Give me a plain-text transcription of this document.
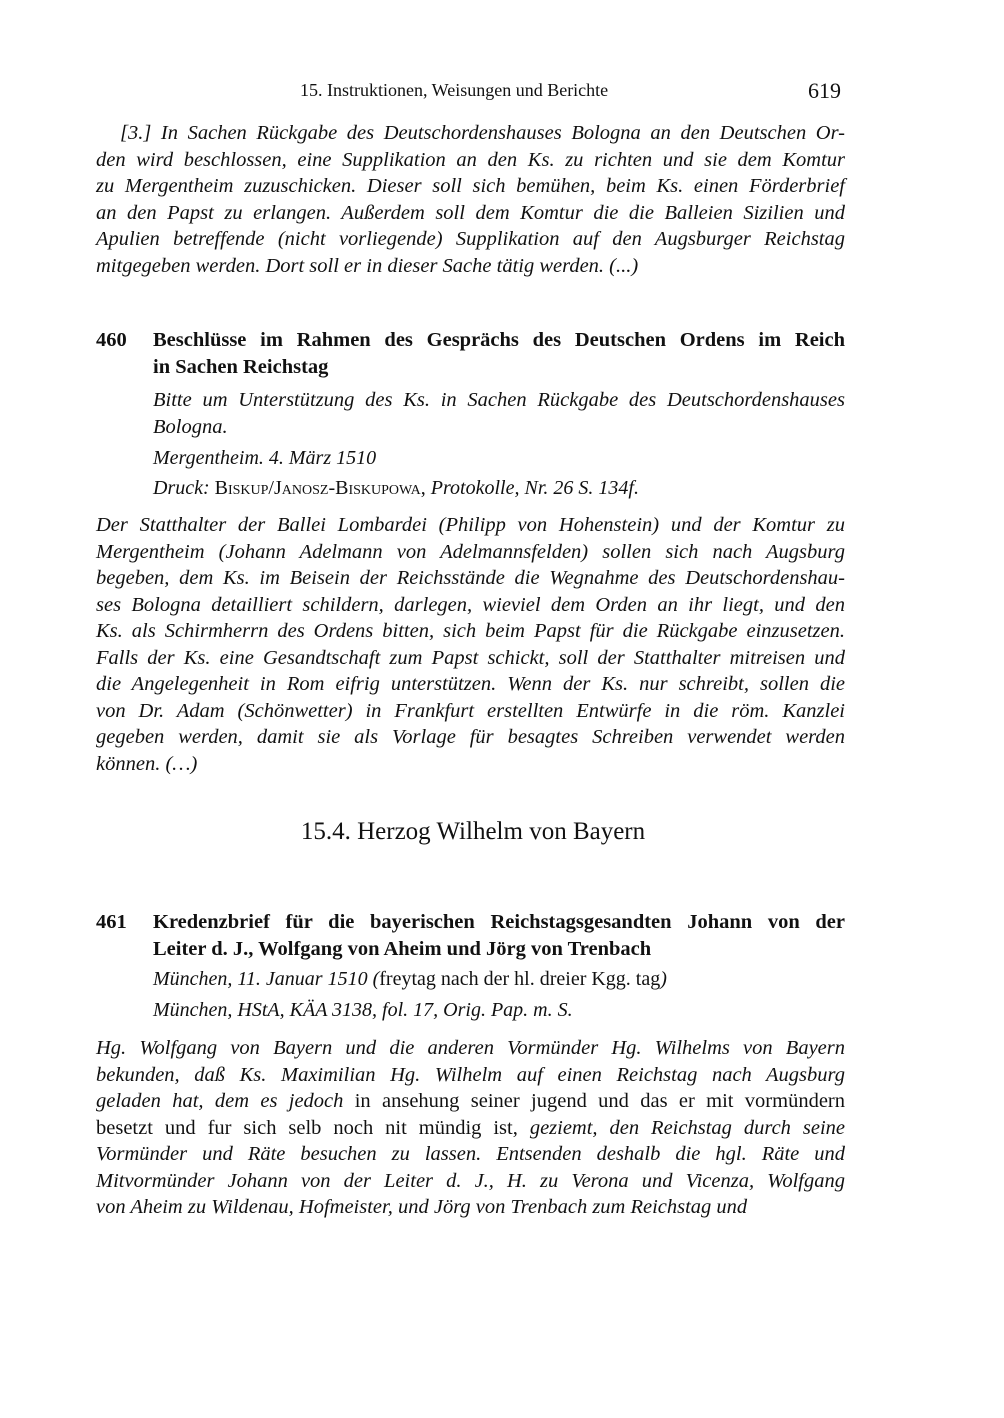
15. Instruktionen, Weisungen und Berichte	619
[3.] In Sachen Rückgabe des Deutschordenshauses Bologna an den Deutschen Or-
den wird beschlossen, eine Supplikation an den Ks. zu richten und sie dem Komtur
zu Mergentheim zuzuschicken. Dieser soll sich bemühen, beim Ks. einen Förderbrief
an den Papst zu erlangen. Außerdem soll dem Komtur die die Balleien Sizilien und
Apulien betreffende (nicht vorliegende) Supplikation auf den Augsburger Reichstag
mitgegeben werden. Dort soll er in dieser Sache tätig werden. (...)
460 Beschlüsse im Rahmen des Gesprächs des Deutschen Ordens im Reich
in Sachen Reichstag
Bitte um Unterstützung des Ks. in Sachen Rückgabe des Deutschordenshauses
Bologna.
Mergentheim. 4. März 1510
Druck: Biskup/Janosz-Biskupowa, Protokolle, Nr. 26 S. 134f.
Der Statthalter der Ballei Lombardei (Philipp von Hohenstein) und der Komtur zu
Mergentheim (Johann Adelmann von Adelmannsfelden) sollen sich nach Augsburg
begeben, dem Ks. im Beisein der Reichsstände die Wegnahme des Deutschordenshau-
ses Bologna detailliert schildern, darlegen, wieviel dem Orden an ihr liegt, und den
Ks. als Schirmherrn des Ordens bitten, sich beim Papst für die Rückgabe einzusetzen.
Falls der Ks. eine Gesandtschaft zum Papst schickt, soll der Statthalter mitreisen und
die Angelegenheit in Rom eifrig unterstützen. Wenn der Ks. nur schreibt, sollen die
von Dr. Adam (Schönwetter) in Frankfurt erstellten Entwürfe in die röm. Kanzlei
gegeben werden, damit sie als Vorlage für besagtes Schreiben verwendet werden
können. (…)
15.4. Herzog Wilhelm von Bayern
461 Kredenzbrief für die bayerischen Reichstagsgesandten Johann von der
Leiter d. J., Wolfgang von Aheim und Jörg von Trenbach
München, 11. Januar 1510 (freytag nach der hl. dreier Kgg. tag)
München, HStA, KÄA 3138, fol. 17, Orig. Pap. m. S.
Hg. Wolfgang von Bayern und die anderen Vormünder Hg. Wilhelms von Bayern
bekunden, daß Ks. Maximilian Hg. Wilhelm auf einen Reichstag nach Augsburg
geladen hat, dem es jedoch in ansehung seiner jugend und das er mit vormündern
besetzt und fur sich selb noch nit mündig ist, geziemt, den Reichstag durch seine
Vormünder und Räte besuchen zu lassen. Entsenden deshalb die hgl. Räte und
Mitvormünder Johann von der Leiter d. J., H. zu Verona und Vicenza, Wolfgang
von Aheim zu Wildenau, Hofmeister, und Jörg von Trenbach zum Reichstag und
